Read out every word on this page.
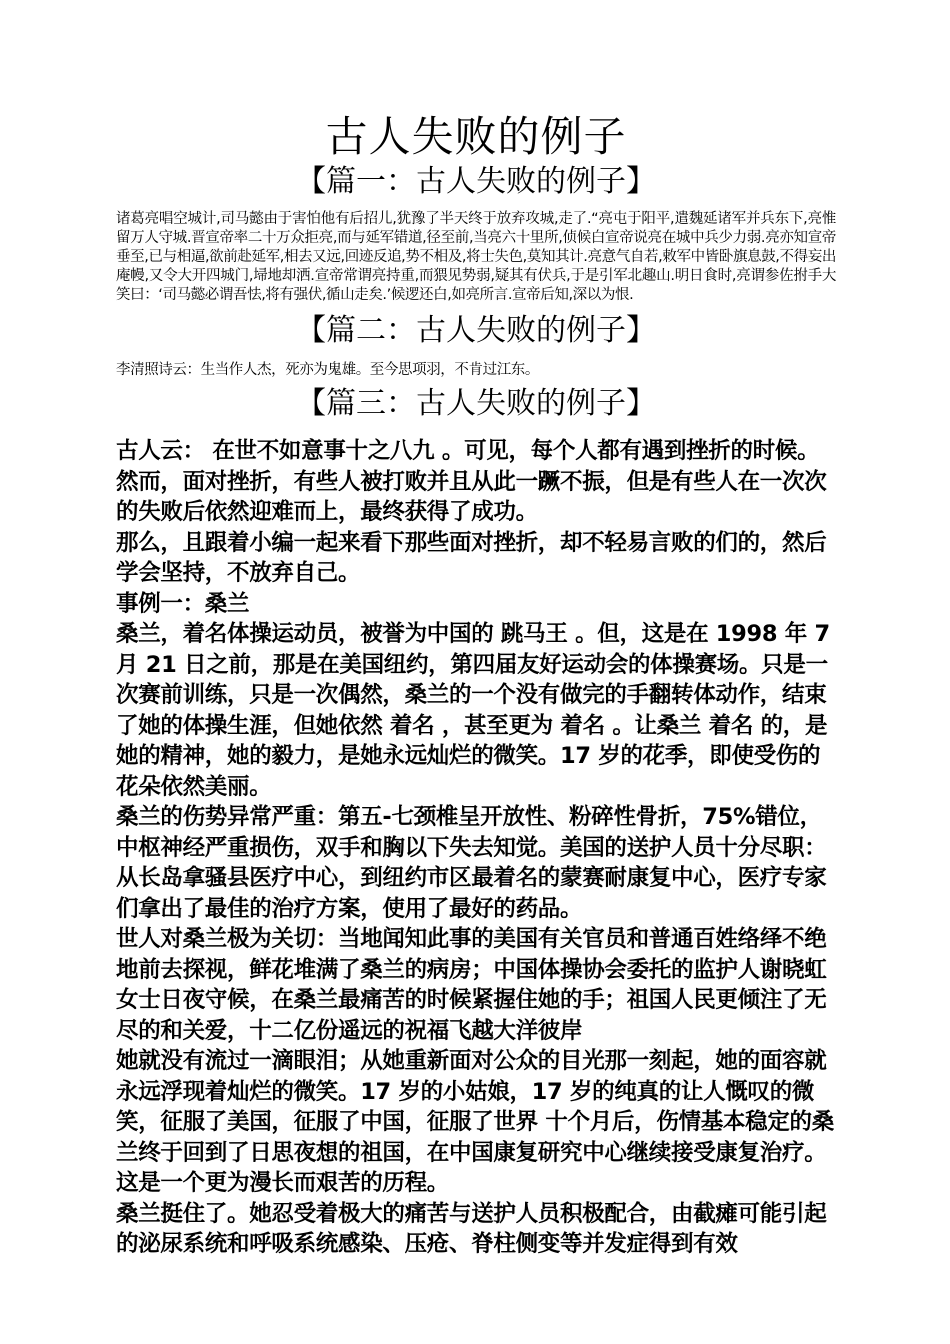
古人失败的例子
【篇一：古人失败的例子】

诸葛亮唱空城计,司马懿由于害怕他有后招儿,犹豫了半天终于放弃攻城,走了.“亮屯于阳平,遣魏延诸军并兵东下,亮惟留万人守城.晋宣帝率二十万众拒亮,而与延军错道,径至前,当亮六十里所,侦候白宣帝说亮在城中兵少力弱.亮亦知宣帝垂至,已与相逼,欲前赴延军,相去又远,回迹反追,势不相及,将士失色,莫知其计.亮意气自若,敕军中皆卧旗息鼓,不得妄出庵幔,又令大开四城门,埽地却洒.宣帝常谓亮持重,而猥见势弱,疑其有伏兵,于是引军北趣山.明日食时,亮谓参佐拊手大笑曰：‘司马懿必谓吾怯,将有强伏,循山走矣.’候逻还白,如亮所言.宣帝后知,深以为恨.

【篇二：古人失败的例子】

李清照诗云：生当作人杰，死亦为鬼雄。至今思项羽，不肯过江东。

【篇三：古人失败的例子】

古人云： 在世不如意事十之八九 。可见，每个人都有遇到挫折的时候。然而，面对挫折，有些人被打败并且从此一蹶不振，但是有些人在一次次的失败后依然迎难而上，最终获得了成功。

那么，且跟着小编一起来看下那些面对挫折，却不轻易言败的们的，然后学会坚持，不放弃自己。

事例一：桑兰

桑兰，着名体操运动员，被誉为中国的 跳马王 。但，这是在 1998 年 7 月 21 日之前，那是在美国纽约，第四届友好运动会的体操赛场。只是一次赛前训练，只是一次偶然，桑兰的一个没有做完的手翻转体动作，结束了她的体操生涯，但她依然 着名 ，甚至更为 着名 。让桑兰 着名 的，是她的精神，她的毅力，是她永远灿烂的微笑。17 岁的花季，即使受伤的花朵依然美丽。

桑兰的伤势异常严重：第五-七颈椎呈开放性、粉碎性骨折，75%错位，中枢神经严重损伤，双手和胸以下失去知觉。美国的送护人员十分尽职：从长岛拿骚县医疗中心，到纽约市区最着名的蒙赛耐康复中心，医疗专家们拿出了最佳的治疗方案，使用了最好的药品。

世人对桑兰极为关切：当地闻知此事的美国有关官员和普通百姓络绎不绝地前去探视，鲜花堆满了桑兰的病房；中国体操协会委托的监护人谢晓虹女士日夜守候，在桑兰最痛苦的时候紧握住她的手；祖国人民更倾注了无尽的和关爱，十二亿份遥远的祝福飞越大洋彼岸

她就没有流过一滴眼泪；从她重新面对公众的目光那一刻起，她的面容就永远浮现着灿烂的微笑。17 岁的小姑娘，17 岁的纯真的让人慨叹的微笑，征服了美国，征服了中国，征服了世界 十个月后，伤情基本稳定的桑兰终于回到了日思夜想的祖国，在中国康复研究中心继续接受康复治疗。

这是一个更为漫长而艰苦的历程。

桑兰挺住了。她忍受着极大的痛苦与送护人员积极配合，由截瘫可能引起的泌尿系统和呼吸系统感染、压疮、脊柱侧变等并发症得到有效
